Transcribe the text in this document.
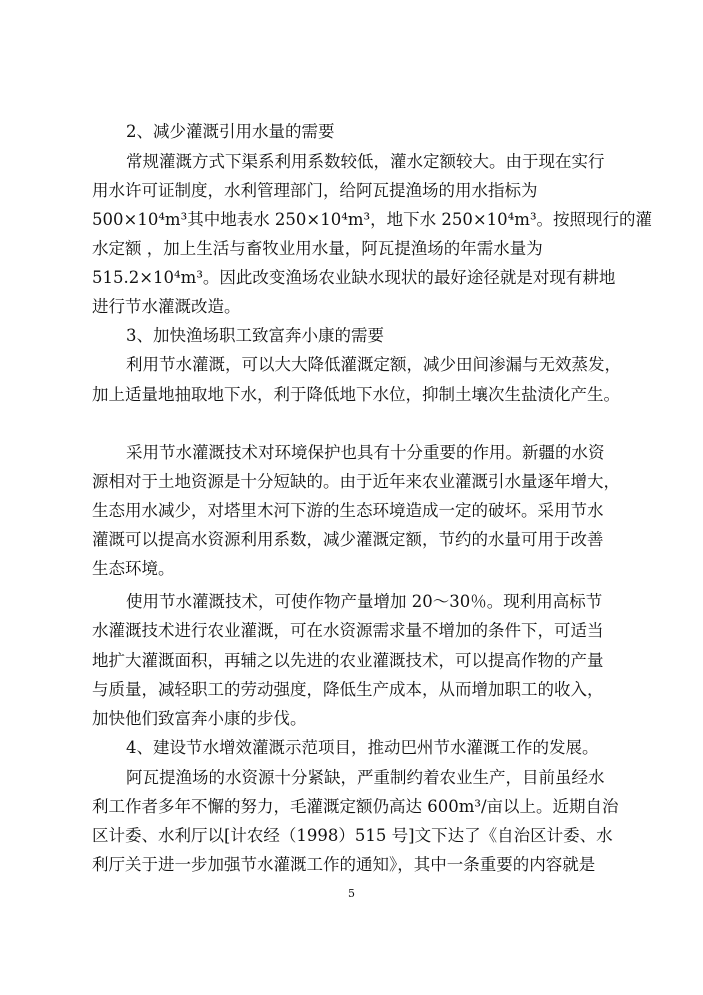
2、减少灌溉引用水量的需要
常规灌溉方式下渠系利用系数较低，灌水定额较大。由于现在实行
用水许可证制度，水利管理部门，给阿瓦提渔场的用水指标为
500×10⁴m³其中地表水 250×10⁴m³，地下水 250×10⁴m³。按照现行的灌
水定额 ，加上生活与畜牧业用水量，阿瓦提渔场的年需水量为
515.2×10⁴m³。因此改变渔场农业缺水现状的最好途径就是对现有耕地
进行节水灌溉改造。
3、加快渔场职工致富奔小康的需要
利用节水灌溉，可以大大降低灌溉定额，减少田间渗漏与无效蒸发，
加上适量地抽取地下水，利于降低地下水位，抑制土壤次生盐渍化产生。
采用节水灌溉技术对环境保护也具有十分重要的作用。新疆的水资
源相对于土地资源是十分短缺的。由于近年来农业灌溉引水量逐年增大，
生态用水减少，对塔里木河下游的生态环境造成一定的破坏。采用节水
灌溉可以提高水资源利用系数，减少灌溉定额，节约的水量可用于改善
生态环境。
使用节水灌溉技术，可使作物产量增加 20～30％。现利用高标节
水灌溉技术进行农业灌溉，可在水资源需求量不增加的条件下，可适当
地扩大灌溉面积，再辅之以先进的农业灌溉技术，可以提高作物的产量
与质量，减轻职工的劳动强度，降低生产成本，从而增加职工的收入，
加快他们致富奔小康的步伐。
4、建设节水增效灌溉示范项目，推动巴州节水灌溉工作的发展。
阿瓦提渔场的水资源十分紧缺，严重制约着农业生产，目前虽经水
利工作者多年不懈的努力，毛灌溉定额仍高达 600m³/亩以上。近期自治
区计委、水利厅以[计农经（1998）515 号]文下达了《自治区计委、水
利厅关于进一步加强节水灌溉工作的通知》，其中一条重要的内容就是
5
